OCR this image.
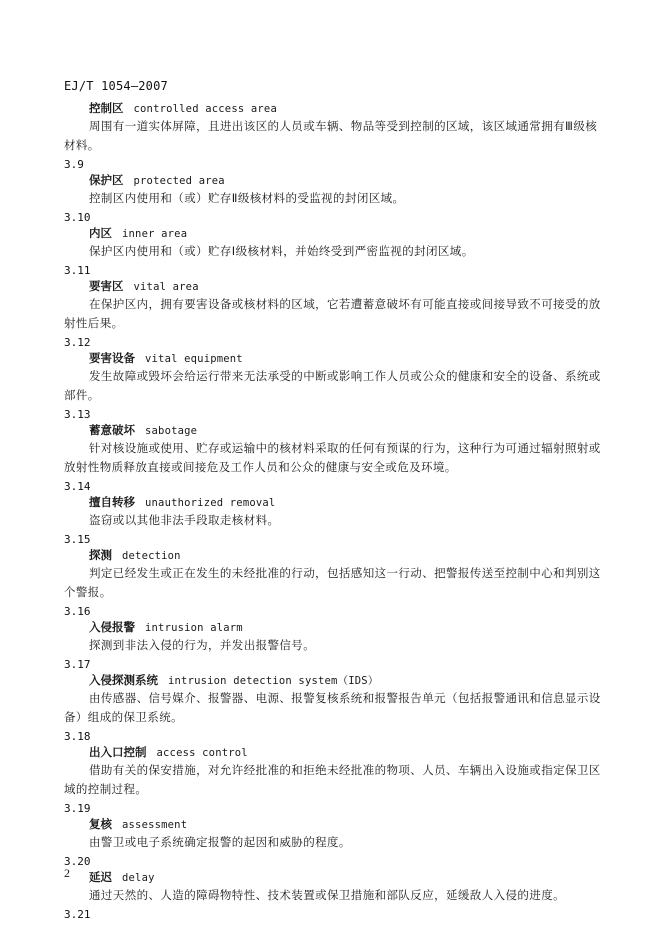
EJ/T 1054—2007
控制区 controlled access area
周围有一道实体屏障，且进出该区的人员或车辆、物品等受到控制的区域，该区域通常拥有Ⅲ级核材料。
3.9
保护区 protected area
控制区内使用和（或）贮存Ⅱ级核材料的受监视的封闭区域。
3.10
内区 inner area
保护区内使用和（或）贮存Ⅰ级核材料，并始终受到严密监视的封闭区域。
3.11
要害区 vital area
在保护区内，拥有要害设备或核材料的区域，它若遭蓄意破坏有可能直接或间接导致不可接受的放射性后果。
3.12
要害设备 vital equipment
发生故障或毁坏会给运行带来无法承受的中断或影响工作人员或公众的健康和安全的设备、系统或部件。
3.13
蓄意破坏 sabotage
针对核设施或使用、贮存或运输中的核材料采取的任何有预谋的行为，这种行为可通过辐射照射或放射性物质释放直接或间接危及工作人员和公众的健康与安全或危及环境。
3.14
擅自转移 unauthorized removal
盗窃或以其他非法手段取走核材料。
3.15
探测 detection
判定已经发生或正在发生的未经批准的行动，包括感知这一行动、把警报传送至控制中心和判别这个警报。
3.16
入侵报警 intrusion alarm
探测到非法入侵的行为，并发出报警信号。
3.17
入侵探测系统 intrusion detection system（IDS）
由传感器、信号媒介、报警器、电源、报警复核系统和报警报告单元（包括报警通讯和信息显示设备）组成的保卫系统。
3.18
出入口控制 access control
借助有关的保安措施，对允许经批准的和拒绝未经批准的物项、人员、车辆出入设施或指定保卫区域的控制过程。
3.19
复核 assessment
由警卫或电子系统确定报警的起因和威胁的程度。
3.20
延迟 delay
通过天然的、人造的障碍物特性、技术装置或保卫措施和部队反应，延缓敌人入侵的进度。
3.21
2
